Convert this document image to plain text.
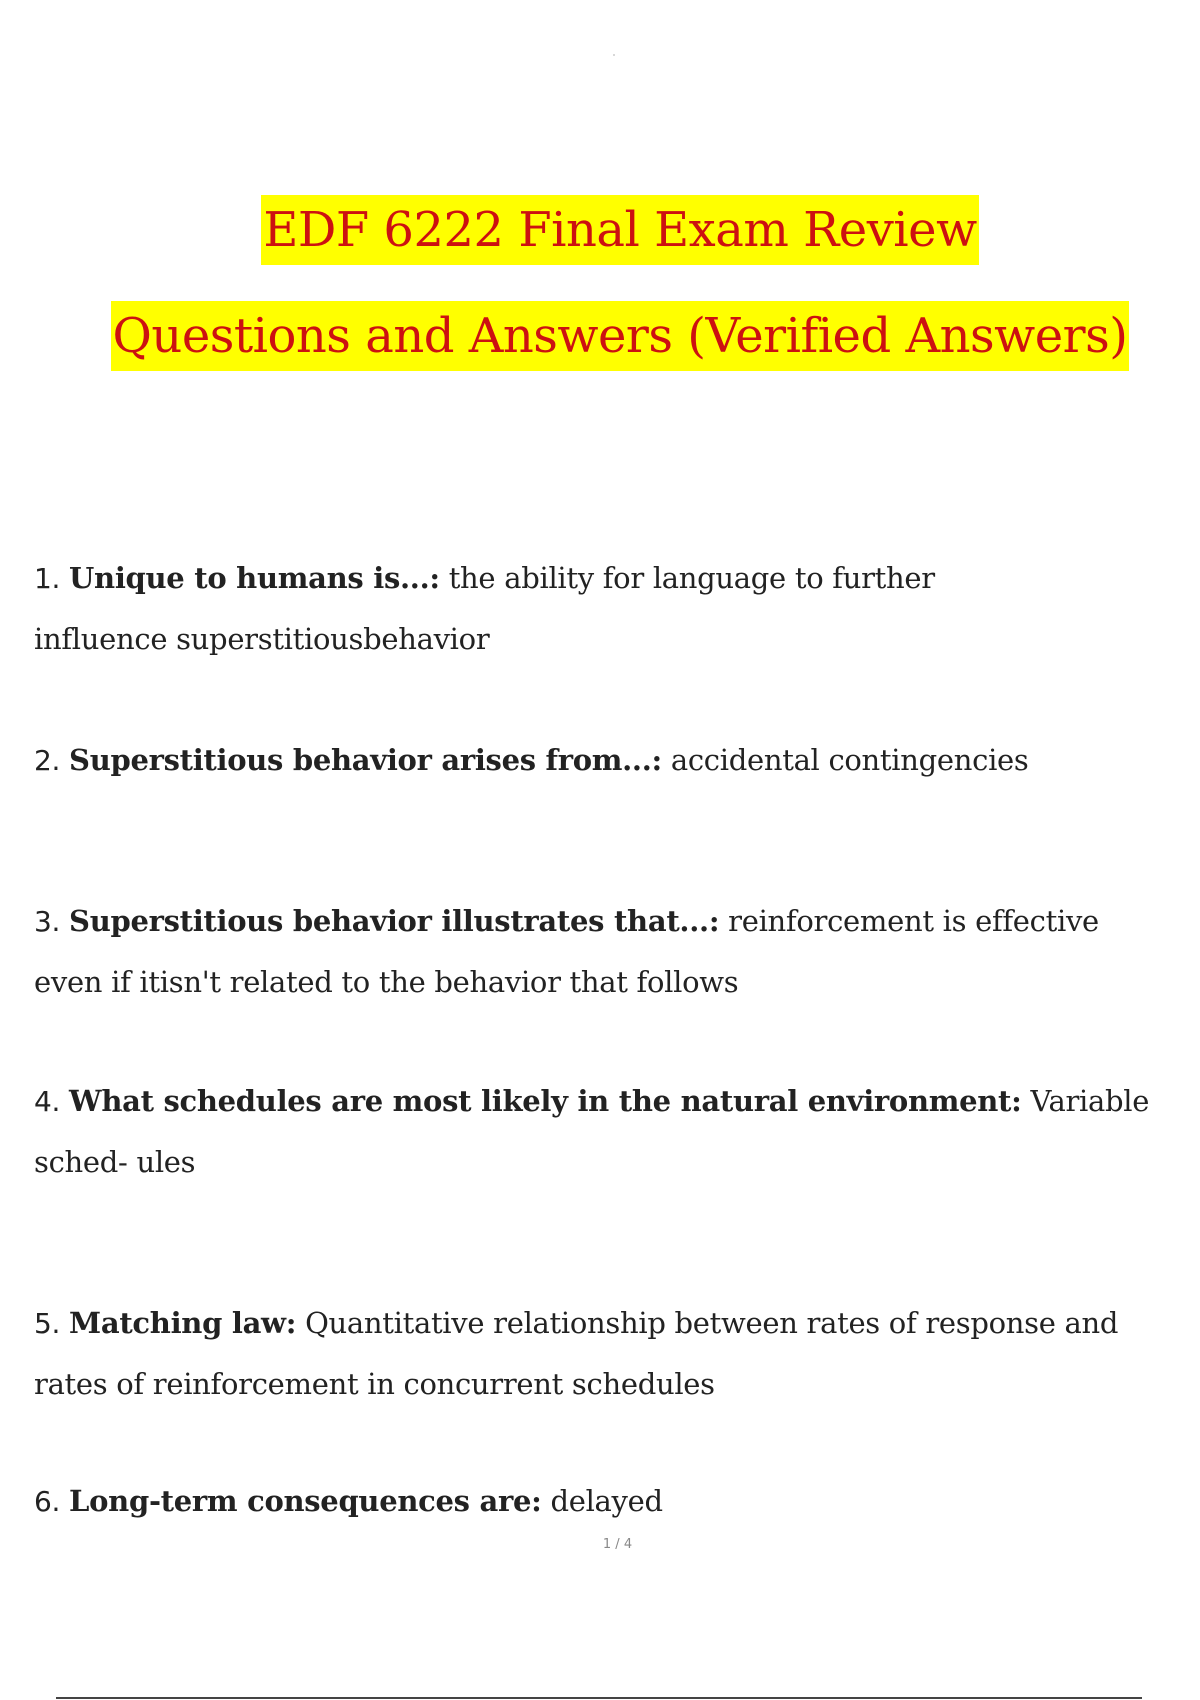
EDF 6222 Final Exam Review
Questions and Answers (Verified Answers)
1. Unique to humans is...: the ability for language to further influence superstitiousbehavior
2. Superstitious behavior arises from...: accidental contingencies
3. Superstitious behavior illustrates that...: reinforcement is effective even if itisn't related to the behavior that follows
4. What schedules are most likely in the natural environment: Variable sched- ules
5. Matching law: Quantitative relationship between rates of response and rates of reinforcement in concurrent schedules
6. Long-term consequences are: delayed
1 / 4
